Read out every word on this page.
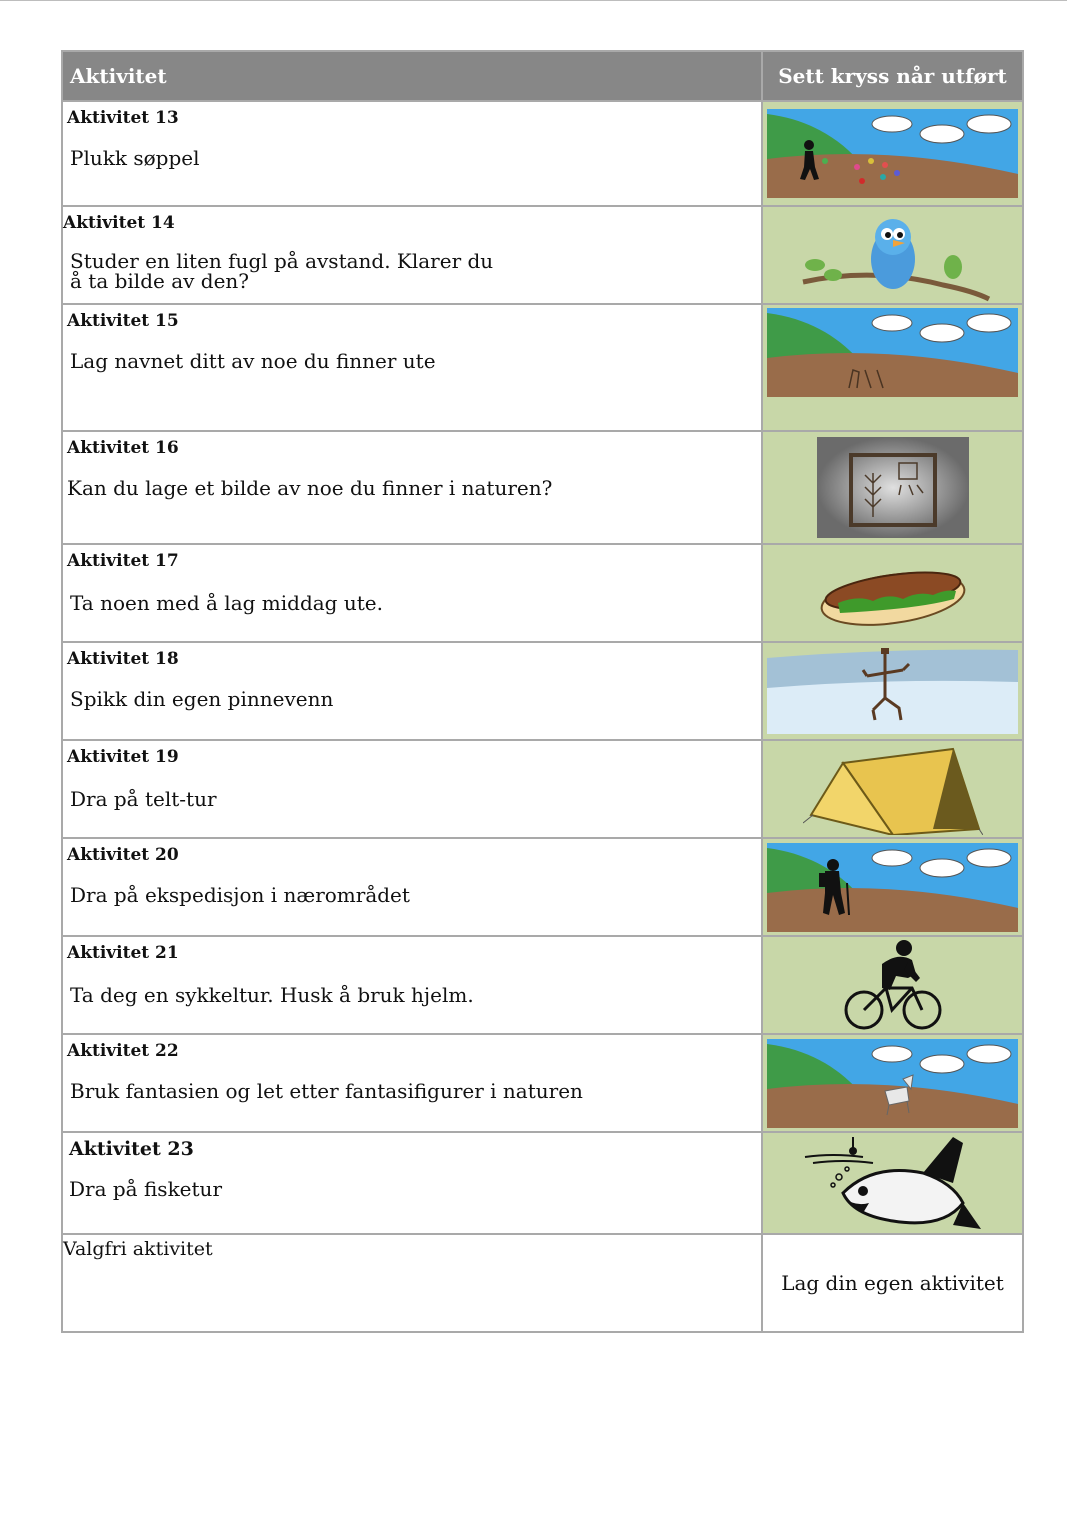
Aktivitet	Sett kryss når utført

Aktivitet 13
Plukk søppel

Aktivitet 14
Studer en liten fugl på avstand. Klarer du å ta bilde av den?

Aktivitet 15
Lag navnet ditt av noe du finner ute

Aktivitet 16
Kan du lage et bilde av noe du finner i naturen?

Aktivitet 17
Ta noen med å lag middag ute.

Aktivitet 18
Spikk din egen pinnevenn

Aktivitet 19
Dra på telt-tur

Aktivitet 20
Dra på ekspedisjon i nærområdet

Aktivitet 21
Ta deg en sykkeltur. Husk å bruk hjelm.

Aktivitet 22
Bruk fantasien og let etter fantasifigurer i naturen

Aktivitet 23
Dra på fisketur

Valgfri aktivitet	Lag din egen aktivitet
